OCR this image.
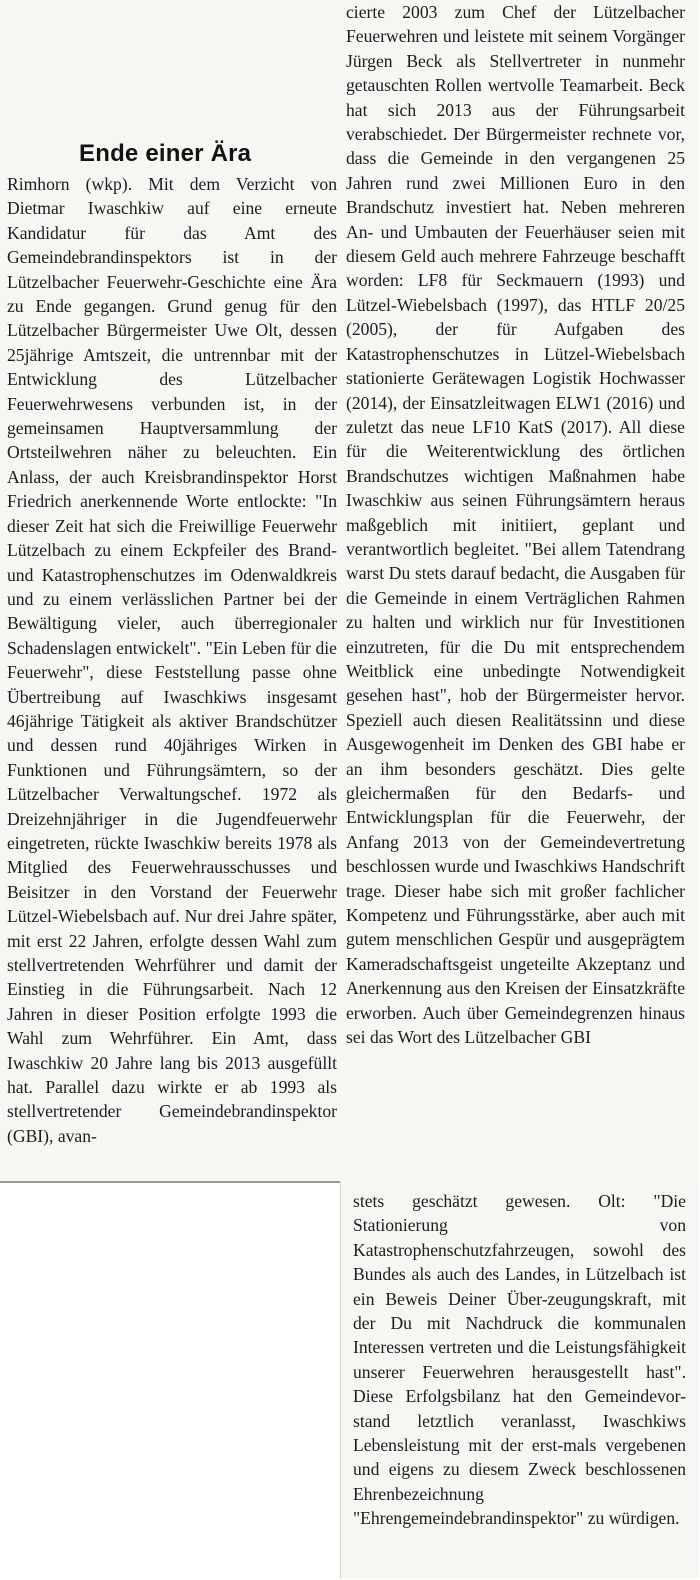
Ende einer Ära

Rimhorn (wkp). Mit dem Verzicht von Dietmar Iwaschkiw auf eine erneute Kandidatur für das Amt des Gemeindebrandinspektors ist in der Lützelbacher Feuerwehr-Geschichte eine Ära zu Ende gegangen. Grund genug für den Lützelbacher Bürgermeister Uwe Olt, dessen 25jährige Amtszeit, die untrennbar mit der Entwicklung des Lützelbacher Feuerwehrwesens verbunden ist, in der gemeinsamen Hauptversammlung der Ortsteilwehren näher zu beleuchten. Ein Anlass, der auch Kreisbrandinspektor Horst Friedrich anerkennende Worte entlockte: "In dieser Zeit hat sich die Freiwillige Feuerwehr Lützelbach zu einem Eckpfeiler des Brand- und Katastrophenschutzes im Odenwaldkreis und zu einem verlässlichen Partner bei der Bewältigung vieler, auch überregionaler Schadenslagen entwickelt". "Ein Leben für die Feuerwehr", diese Feststellung passe ohne Übertreibung auf Iwaschkiws insgesamt 46jährige Tätigkeit als aktiver Brandschützer und dessen rund 40jähriges Wirken in Funktionen und Führungsämtern, so der Lützelbacher Verwaltungschef. 1972 als Dreizehnjähriger in die Jugendfeuerwehr eingetreten, rückte Iwaschkiw bereits 1978 als Mitglied des Feuerwehrausschusses und Beisitzer in den Vorstand der Feuerwehr Lützel-Wiebelsbach auf. Nur drei Jahre später, mit erst 22 Jahren, erfolgte dessen Wahl zum stellvertretenden Wehrführer und damit der Einstieg in die Führungsarbeit. Nach 12 Jahren in dieser Position erfolgte 1993 die Wahl zum Wehrführer. Ein Amt, dass Iwaschkiw 20 Jahre lang bis 2013 ausgefüllt hat. Parallel dazu wirkte er ab 1993 als stellvertretender Gemeindebrandinspektor (GBI), avan-

cierte 2003 zum Chef der Lützelbacher Feuerwehren und leistete mit seinem Vorgänger Jürgen Beck als Stellvertreter in nunmehr getauschten Rollen wertvolle Teamarbeit. Beck hat sich 2013 aus der Führungsarbeit verabschiedet. Der Bürgermeister rechnete vor, dass die Gemeinde in den vergangenen 25 Jahren rund zwei Millionen Euro in den Brandschutz investiert hat. Neben mehreren An- und Umbauten der Feuerhäuser seien mit diesem Geld auch mehrere Fahrzeuge beschafft worden: LF8 für Seckmauern (1993) und Lützel-Wiebelsbach (1997), das HTLF 20/25 (2005), der für Aufgaben des Katastrophenschutzes in Lützel-Wiebelsbach stationierte Gerätewagen Logistik Hochwasser (2014), der Einsatzleitwagen ELW1 (2016) und zuletzt das neue LF10 KatS (2017). All diese für die Weiterentwicklung des örtlichen Brandschutzes wichtigen Maßnahmen habe Iwaschkiw aus seinen Führungsämtern heraus maßgeblich mit initiiert, geplant und verantwortlich begleitet. "Bei allem Tatendrang warst Du stets darauf bedacht, die Ausgaben für die Gemeinde in einem Verträglichen Rahmen zu halten und wirklich nur für Investitionen einzutreten, für die Du mit entsprechendem Weitblick eine unbedingte Notwendigkeit gesehen hast", hob der Bürgermeister hervor. Speziell auch diesen Realitätssinn und diese Ausgewogenheit im Denken des GBI habe er an ihm besonders geschätzt. Dies gelte gleichermaßen für den Bedarfs- und Entwicklungsplan für die Feuerwehr, der Anfang 2013 von der Gemeindevertretung beschlossen wurde und Iwaschkiws Handschrift trage. Dieser habe sich mit großer fachlicher Kompetenz und Führungsstärke, aber auch mit gutem menschlichen Gespür und ausgeprägtem Kameradschaftsgeist ungeteilte Akzeptanz und Anerkennung aus den Kreisen der Einsatzkräfte erworben. Auch über Gemeindegrenzen hinaus sei das Wort des Lützelbacher GBI

stets geschätzt gewesen. Olt: "Die Stationierung von Katastrophenschutzfahrzeugen, sowohl des Bundes als auch des Landes, in Lützelbach ist ein Beweis Deiner Über-zeugungskraft, mit der Du mit Nachdruck die kommunalen Interessen vertreten und die Leistungsfähigkeit unserer Feuerwehren herausgestellt hast". Diese Erfolgsbilanz hat den Gemeindevor-stand letztlich veranlasst, Iwaschkiws Lebensleistung mit der erst-mals vergebenen und eigens zu diesem Zweck beschlossenen Ehrenbezeichnung "Ehrengemeindebrandinspektor" zu würdigen.
